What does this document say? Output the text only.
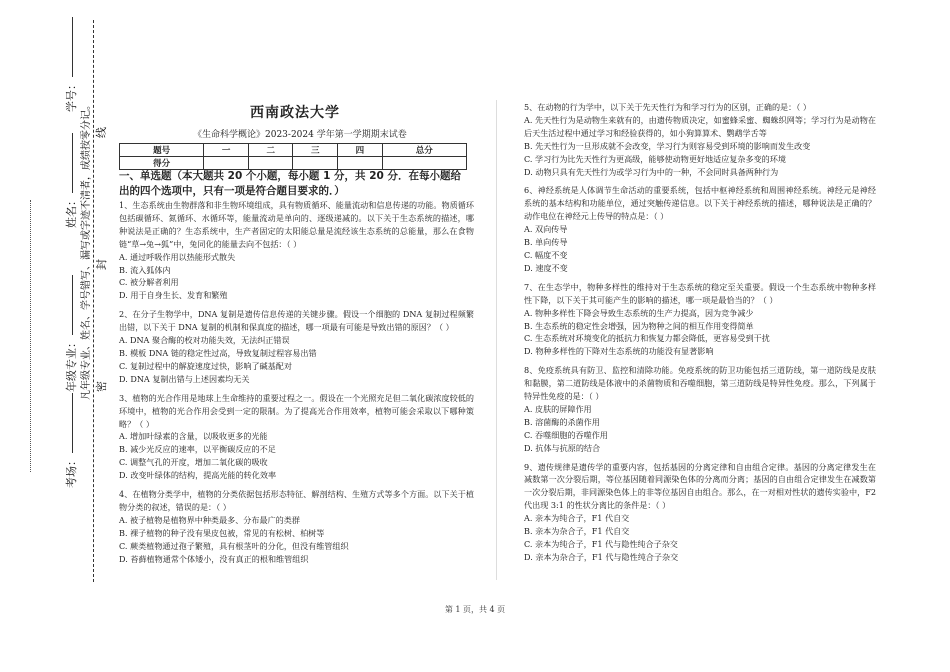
学号：
姓名：
年级专业：
考场：
凡年级专业、姓名、学号错写、漏写或字迹不清者，成绩按零分记。 线
封
密
西南政法大学
《生命科学概论》2023-2024 学年第一学期期末试卷
题号	一	二	三	四	总分
得分					
一、单选题（本大题共 20 个小题，每小题 1 分，共 20 分．在每小题给出的四个选项中，只有一项是符合题目要求的．）
1、生态系统由生物群落和非生物环境组成，具有物质循环、能量流动和信息传递的功能。物质循环包括碳循环、氮循环、水循环等，能量流动是单向的、逐级递减的。以下关于生态系统的描述，哪种说法是正确的？生态系统中，生产者固定的太阳能总量是流经该生态系统的总能量，那么在食物链“草→兔→狐”中，兔同化的能量去向不包括：（ ）
A. 通过呼吸作用以热能形式散失
B. 流入狐体内
C. 被分解者利用
D. 用于自身生长、发育和繁殖
2、在分子生物学中，DNA 复制是遗传信息传递的关键步骤。假设一个细胞的 DNA 复制过程频繁出错，以下关于 DNA 复制的机制和保真度的描述，哪一项最有可能是导致出错的原因？（ ）
A. DNA 聚合酶的校对功能失效，无法纠正错误
B. 模板 DNA 链的稳定性过高，导致复制过程容易出错
C. 复制过程中的解旋速度过快，影响了碱基配对
D. DNA 复制出错与上述因素均无关
3、植物的光合作用是地球上生命维持的重要过程之一。假设在一个光照充足但二氧化碳浓度较低的环境中，植物的光合作用会受到一定的限制。为了提高光合作用效率，植物可能会采取以下哪种策略？（ ）
A. 增加叶绿素的含量，以吸收更多的光能
B. 减少光反应的速率，以平衡碳反应的不足
C. 调整气孔的开度，增加二氧化碳的吸收
D. 改变叶绿体的结构，提高光能的转化效率
4、在植物分类学中，植物的分类依据包括形态特征、解剖结构、生殖方式等多个方面。以下关于植物分类的叙述，错误的是：（ ）
A. 被子植物是植物界中种类最多、分布最广的类群
B. 裸子植物的种子没有果皮包被，常见的有松树、柏树等
C. 蕨类植物通过孢子繁殖，具有根茎叶的分化，但没有维管组织
D. 苔藓植物通常个体矮小，没有真正的根和维管组织
5、在动物的行为学中，以下关于先天性行为和学习行为的区别，正确的是：（ ）
A. 先天性行为是动物生来就有的，由遗传物质决定，如蜜蜂采蜜、蜘蛛织网等；学习行为是动物在后天生活过程中通过学习和经验获得的，如小狗算算术、鹦鹉学舌等
B. 先天性行为一旦形成就不会改变，学习行为则容易受到环境的影响而发生改变
C. 学习行为比先天性行为更高级，能够使动物更好地适应复杂多变的环境
D. 动物只具有先天性行为或学习行为中的一种，不会同时具备两种行为
6、神经系统是人体调节生命活动的重要系统，包括中枢神经系统和周围神经系统。神经元是神经系统的基本结构和功能单位，通过突触传递信息。以下关于神经系统的描述，哪种说法是正确的？动作电位在神经元上传导的特点是：（ ）
A. 双向传导
B. 单向传导
C. 幅度不变
D. 速度不变
7、在生态学中，物种多样性的维持对于生态系统的稳定至关重要。假设一个生态系统中物种多样性下降，以下关于其可能产生的影响的描述，哪一项是最恰当的？（ ）
A. 物种多样性下降会导致生态系统的生产力提高，因为竞争减少
B. 生态系统的稳定性会增强，因为物种之间的相互作用变得简单
C. 生态系统对环境变化的抵抗力和恢复力都会降低，更容易受到干扰
D. 物种多样性的下降对生态系统的功能没有显著影响
8、免疫系统具有防卫、监控和清除功能。免疫系统的防卫功能包括三道防线，第一道防线是皮肤和黏膜，第二道防线是体液中的杀菌物质和吞噬细胞，第三道防线是特异性免疫。那么，下列属于特异性免疫的是：（ ）
A. 皮肤的屏障作用
B. 溶菌酶的杀菌作用
C. 吞噬细胞的吞噬作用
D. 抗体与抗原的结合
9、遗传规律是遗传学的重要内容，包括基因的分离定律和自由组合定律。基因的分离定律发生在减数第一次分裂后期，等位基因随着同源染色体的分离而分离；基因的自由组合定律发生在减数第一次分裂后期，非同源染色体上的非等位基因自由组合。那么，在一对相对性状的遗传实验中，F2 代出现 3:1 的性状分离比的条件是：（ ）
A. 亲本为纯合子，F1 代自交
B. 亲本为杂合子，F1 代自交
C. 亲本为纯合子，F1 代与隐性纯合子杂交
D. 亲本为杂合子，F1 代与隐性纯合子杂交
第 1 页，共 4 页
